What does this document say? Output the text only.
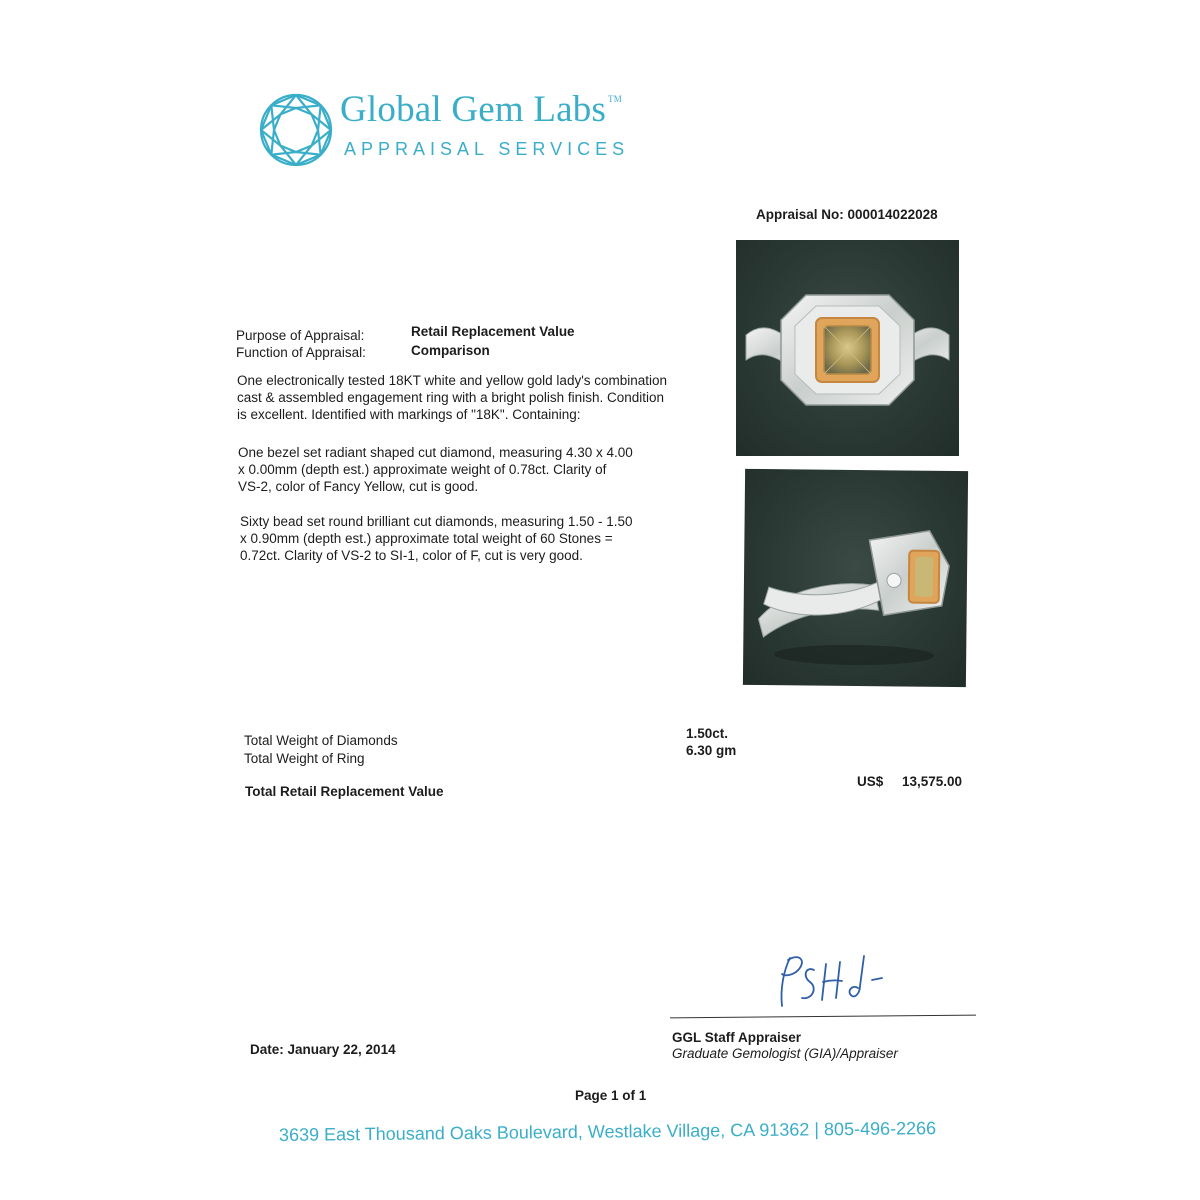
Global Gem Labs ™
APPRAISAL SERVICES
Appraisal No: 000014022028
Purpose of Appraisal:	Retail Replacement Value
Function of Appraisal:	Comparison
One electronically tested 18KT white and yellow gold lady's combination
cast & assembled engagement ring with a bright polish finish. Condition
is excellent. Identified with markings of "18K". Containing:
One bezel set radiant shaped cut diamond, measuring 4.30 x 4.00
x 0.00mm (depth est.) approximate weight of 0.78ct. Clarity of
VS-2, color of Fancy Yellow, cut is good.
Sixty bead set round brilliant cut diamonds, measuring 1.50 - 1.50
x 0.90mm (depth est.) approximate total weight of 60 Stones =
0.72ct. Clarity of VS-2 to SI-1, color of F, cut is very good.
Total Weight of Diamonds
Total Weight of Ring
1.50ct.
6.30 gm
Total Retail Replacement Value
US$ 13,575.00
GGL Staff Appraiser
Graduate Gemologist (GIA)/Appraiser
Date: January 22, 2014
Page 1 of 1
3639 East Thousand Oaks Boulevard, Westlake Village, CA 91362 | 805-496-2266
